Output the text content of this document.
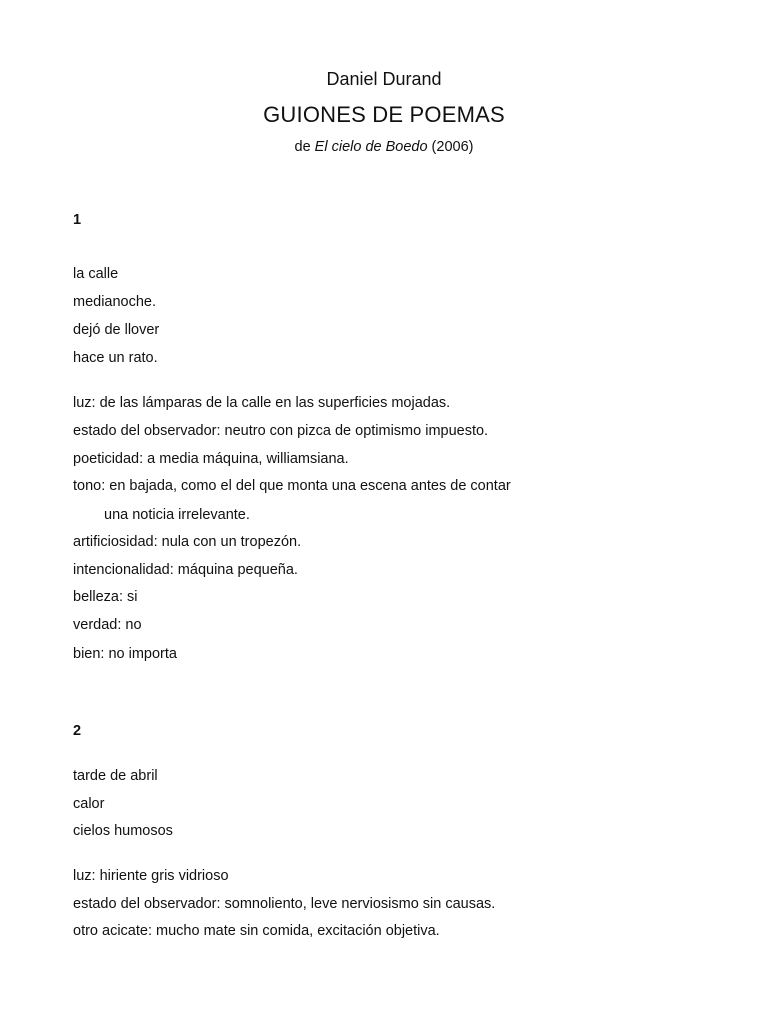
Daniel Durand
GUIONES DE POEMAS
de El cielo de Boedo (2006)
1
la calle
medianoche.
dejó de llover
hace un rato.
luz: de las lámparas de la calle en las superficies mojadas.
estado del observador: neutro con pizca de optimismo impuesto.
poeticidad: a media máquina, williamsiana.
tono: en bajada, como el del que monta una escena antes de contar
una noticia irrelevante.
artificiosidad: nula con un tropezón.
intencionalidad: máquina pequeña.
belleza: si
verdad: no
bien: no importa
2
tarde de abril
calor
cielos humosos
luz: hiriente gris vidrioso
estado del observador: somnoliento, leve nerviosismo sin causas.
otro acicate: mucho mate sin comida, excitación objetiva.
